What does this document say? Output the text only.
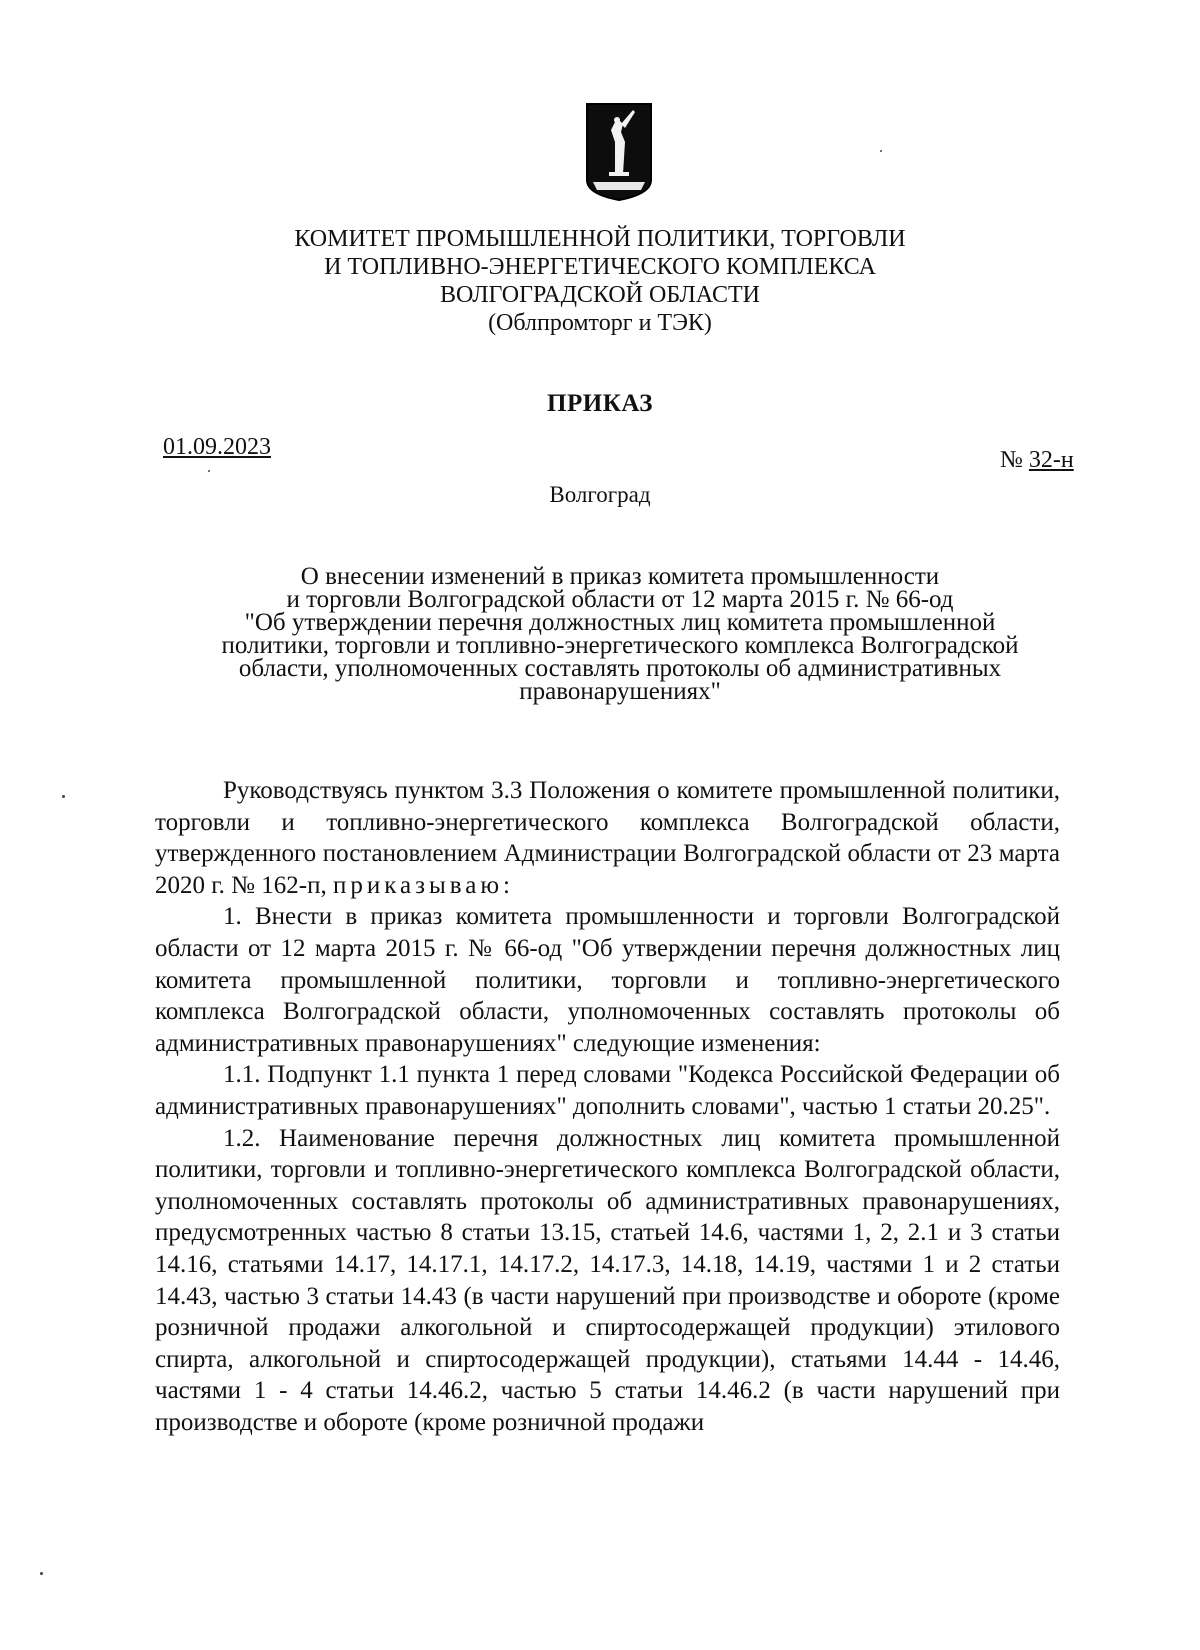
КОМИТЕТ ПРОМЫШЛЕННОЙ ПОЛИТИКИ, ТОРГОВЛИ
И ТОПЛИВНО-ЭНЕРГЕТИЧЕСКОГО КОМПЛЕКСА
ВОЛГОГРАДСКОЙ ОБЛАСТИ
(Облпромторг и ТЭК)
ПРИКАЗ
01.09.2023	№ 32-н
Волгоград
О внесении изменений в приказ комитета промышленности
и торговли Волгоградской области от 12 марта 2015 г. № 66-од
"Об утверждении перечня должностных лиц комитета промышленной
политики, торговли и топливно-энергетического комплекса Волгоградской
области, уполномоченных составлять протоколы об административных
правонарушениях"

Руководствуясь пунктом 3.3 Положения о комитете промышленной политики, торговли и топливно-энергетического комплекса Волгоградской области, утвержденного постановлением Администрации Волгоградской области от 23 марта 2020 г. № 162-п, приказываю:

1. Внести в приказ комитета промышленности и торговли Волгоградской области от 12 марта 2015 г. № 66-од "Об утверждении перечня должностных лиц комитета промышленной политики, торговли и топливно-энергетического комплекса Волгоградской области, уполномоченных составлять протоколы об административных правонарушениях" следующие изменения:

1.1. Подпункт 1.1 пункта 1 перед словами "Кодекса Российской Федерации об административных правонарушениях" дополнить словами", частью 1 статьи 20.25".

1.2. Наименование перечня должностных лиц комитета промышленной политики, торговли и топливно-энергетического комплекса Волгоградской области, уполномоченных составлять протоколы об административных правонарушениях, предусмотренных частью 8 статьи 13.15, статьей 14.6, частями 1, 2, 2.1 и 3 статьи 14.16, статьями 14.17, 14.17.1, 14.17.2, 14.17.3, 14.18, 14.19, частями 1 и 2 статьи 14.43, частью 3 статьи 14.43 (в части нарушений при производстве и обороте (кроме розничной продажи алкогольной и спиртосодержащей продукции) этилового спирта, алкогольной и спиртосодержащей продукции), статьями 14.44 - 14.46, частями 1 - 4 статьи 14.46.2, частью 5 статьи 14.46.2 (в части нарушений при производстве и обороте (кроме розничной продажи
